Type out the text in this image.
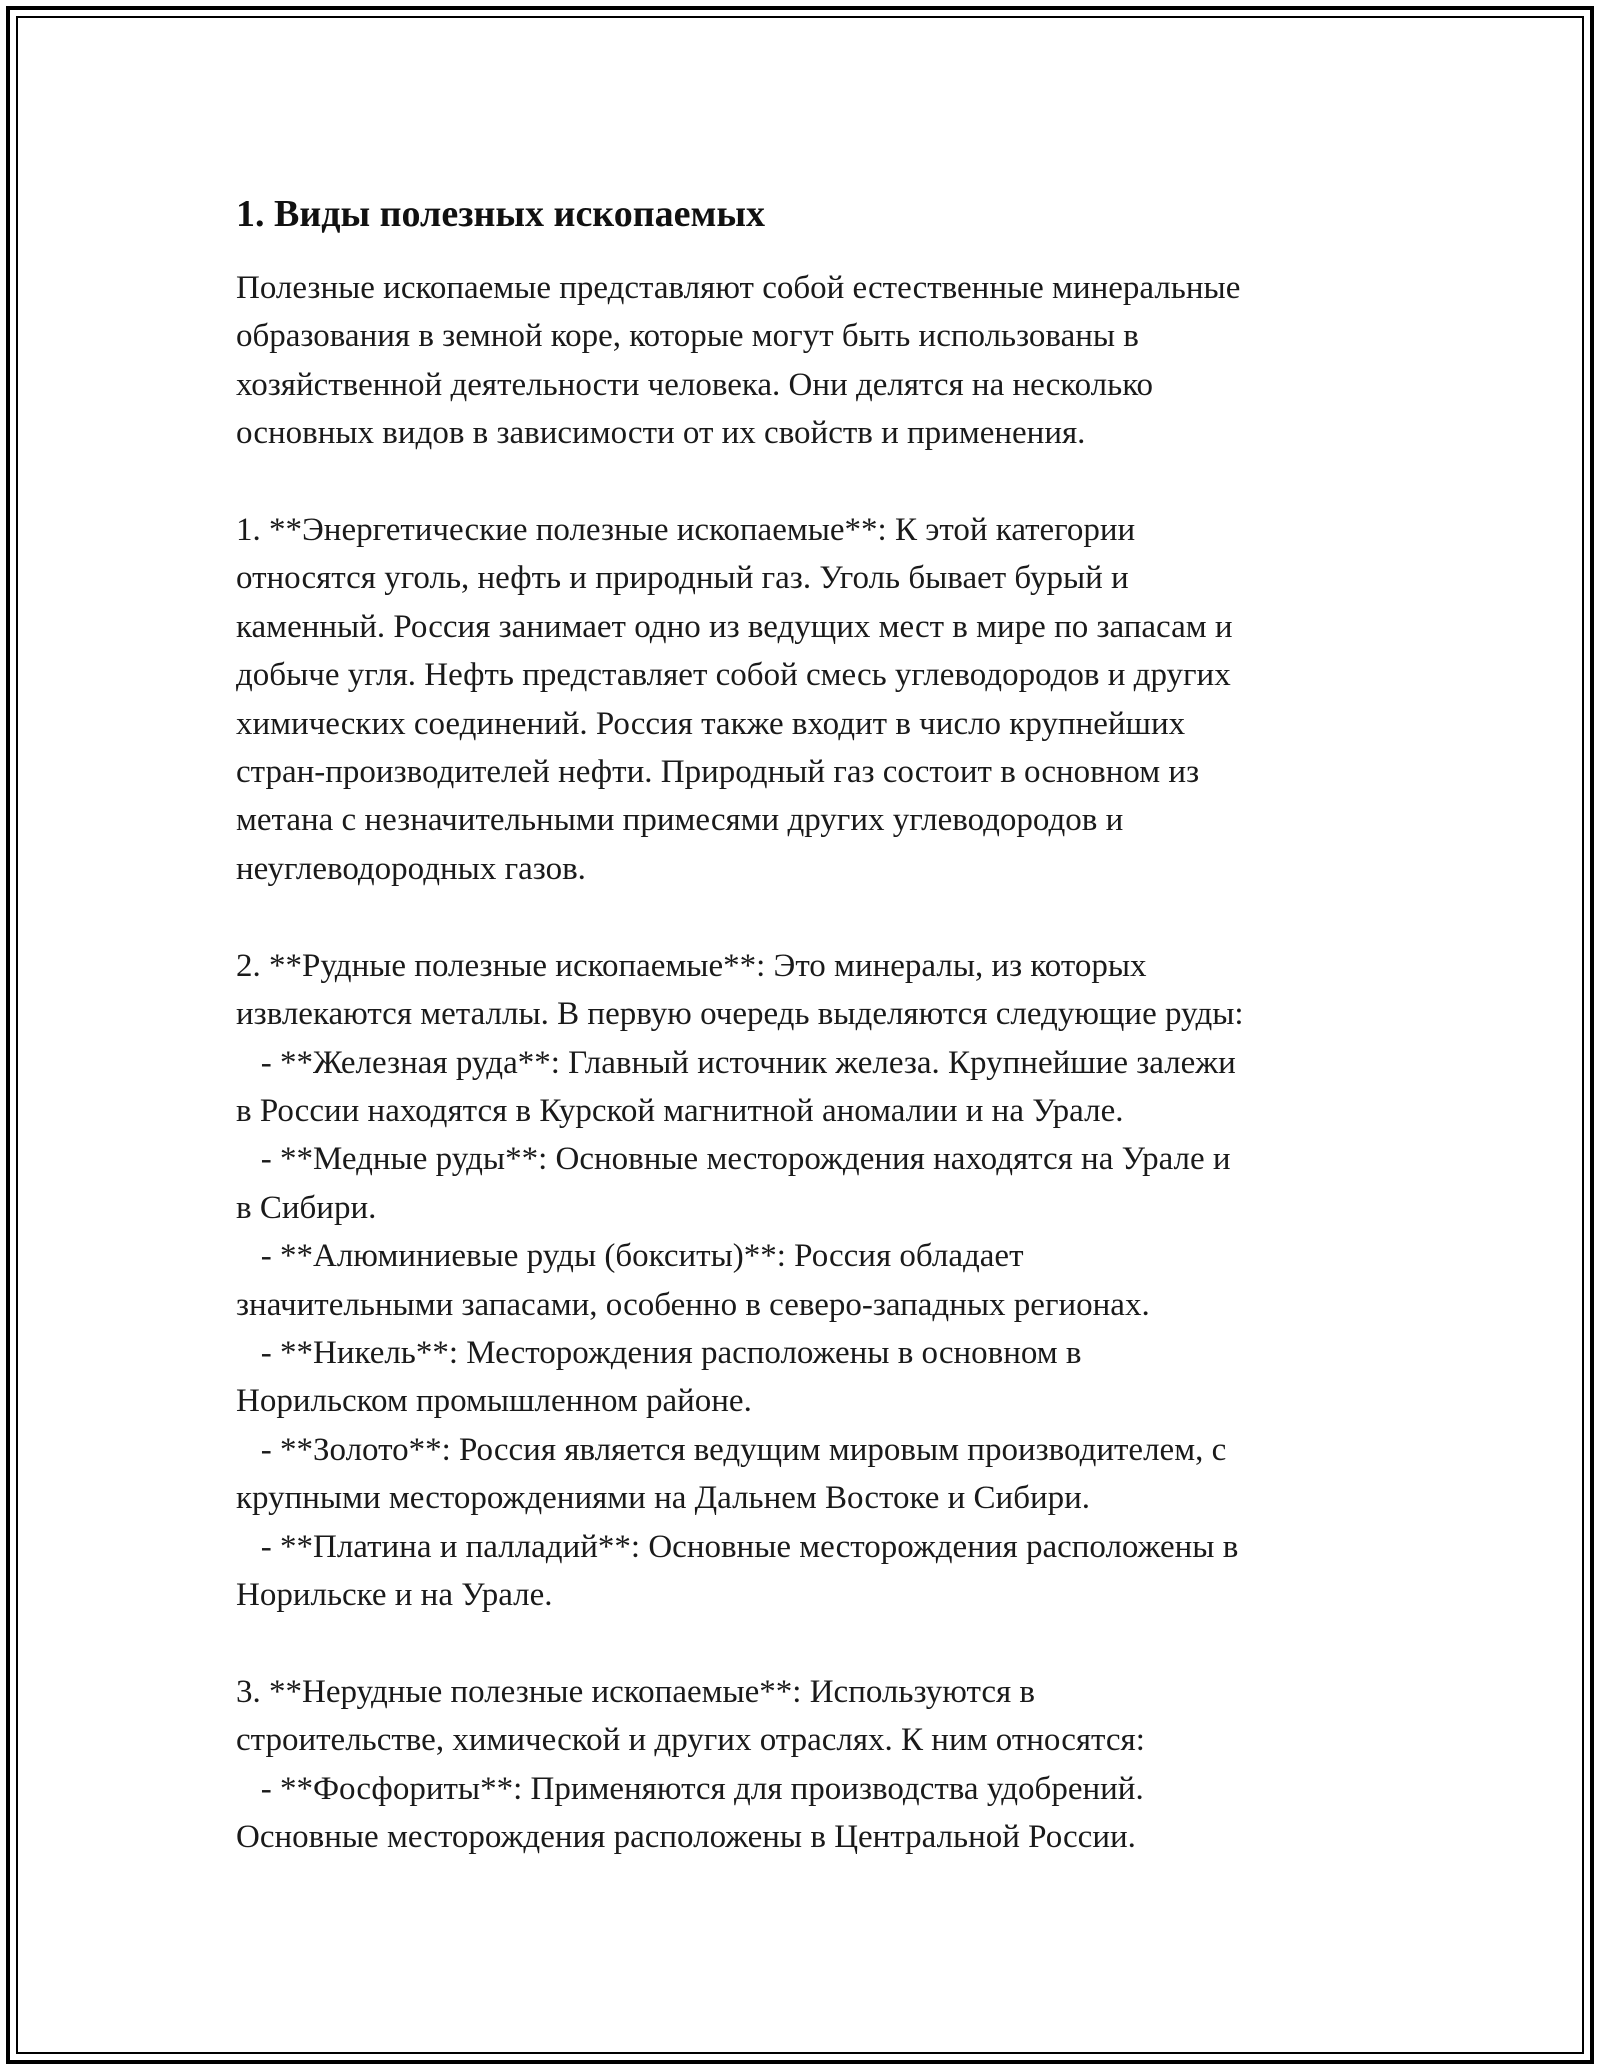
1. Виды полезных ископаемых

Полезные ископаемые представляют собой естественные минеральные
образования в земной коре, которые могут быть использованы в
хозяйственной деятельности человека. Они делятся на несколько
основных видов в зависимости от их свойств и применения.

1. **Энергетические полезные ископаемые**: К этой категории
относятся уголь, нефть и природный газ. Уголь бывает бурый и
каменный. Россия занимает одно из ведущих мест в мире по запасам и
добыче угля. Нефть представляет собой смесь углеводородов и других
химических соединений. Россия также входит в число крупнейших
стран-производителей нефти. Природный газ состоит в основном из
метана с незначительными примесями других углеводородов и
неуглеводородных газов.

2. **Рудные полезные ископаемые**: Это минералы, из которых
извлекаются металлы. В первую очередь выделяются следующие руды:
- **Железная руда**: Главный источник железа. Крупнейшие залежи
в России находятся в Курской магнитной аномалии и на Урале.
- **Медные руды**: Основные месторождения находятся на Урале и
в Сибири.
- **Алюминиевые руды (бокситы)**: Россия обладает
значительными запасами, особенно в северо-западных регионах.
- **Никель**: Месторождения расположены в основном в
Норильском промышленном районе.
- **Золото**: Россия является ведущим мировым производителем, с
крупными месторождениями на Дальнем Востоке и Сибири.
- **Платина и палладий**: Основные месторождения расположены в
Норильске и на Урале.

3. **Нерудные полезные ископаемые**: Используются в
строительстве, химической и других отраслях. К ним относятся:
- **Фосфориты**: Применяются для производства удобрений.
Основные месторождения расположены в Центральной России.
